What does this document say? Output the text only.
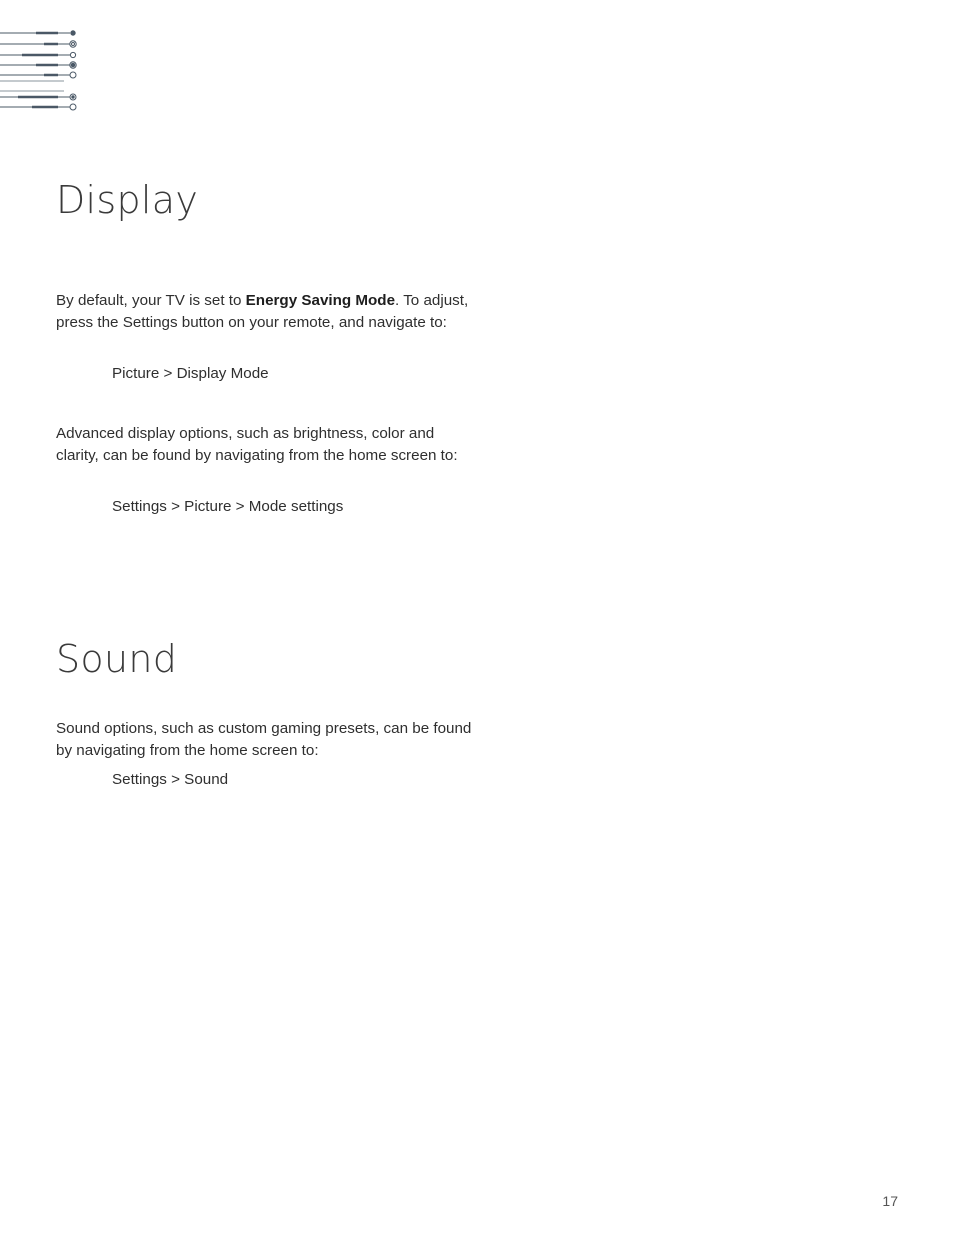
Display

By default, your TV is set to Energy Saving Mode. To adjust, press the Settings button on your remote, and navigate to:

Picture > Display Mode

Advanced display options, such as brightness, color and clarity, can be found by navigating from the home screen to:

Settings > Picture > Mode settings

Sound

Sound options, such as custom gaming presets, can be found by navigating from the home screen to:

Settings > Sound

17
